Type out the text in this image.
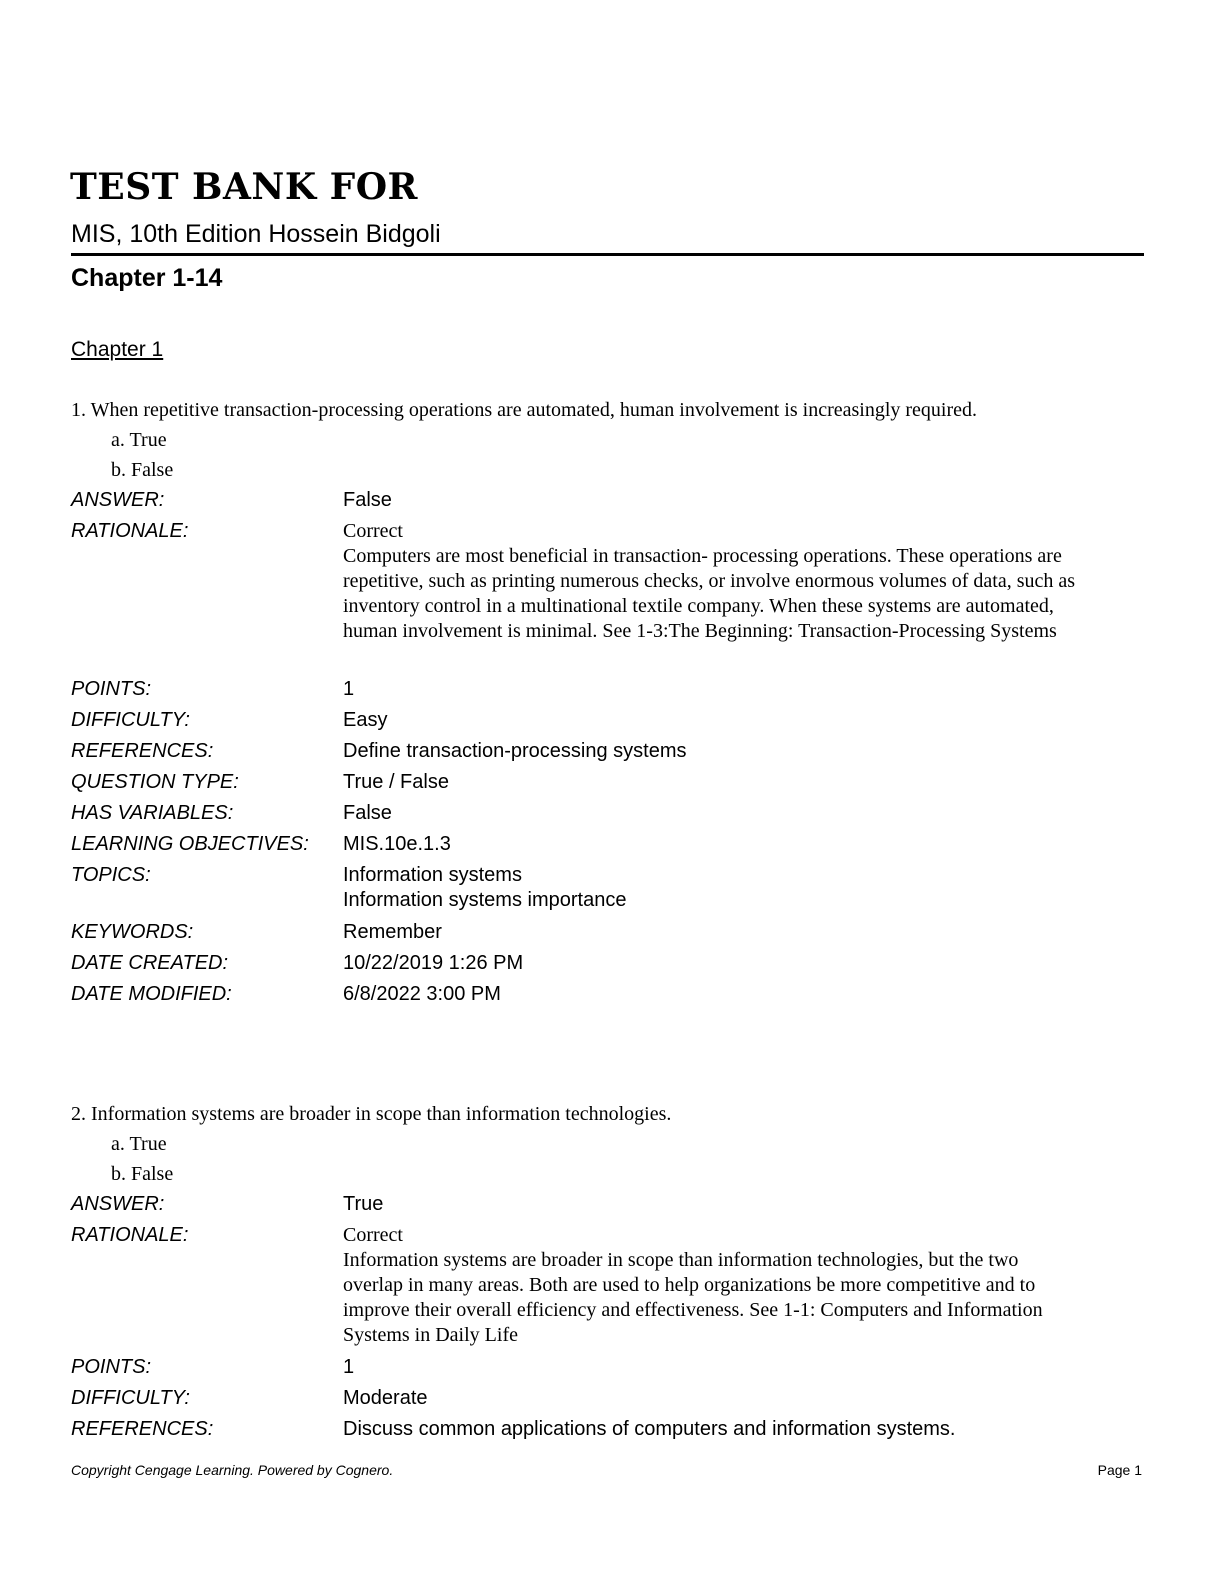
TEST BANK FOR
MIS, 10th Edition Hossein Bidgoli
Chapter 1-14
Chapter 1
1. When repetitive transaction-processing operations are automated, human involvement is increasingly required.
a. True
b. False
ANSWER:	False
RATIONALE:	Correct

Computers are most beneficial in transaction- processing operations. These operations are

repetitive, such as printing numerous checks, or involve enormous volumes of data, such as

inventory control in a multinational textile company. When these systems are automated,

human involvement is minimal. See 1-3:The Beginning: Transaction-Processing Systems

POINTS:	1
DIFFICULTY:	Easy
REFERENCES:	Define transaction-processing systems
QUESTION TYPE:	True / False
HAS VARIABLES:	False
LEARNING OBJECTIVES:	MIS.10e.1.3
TOPICS:	Information systems
Information systems importance
KEYWORDS:	Remember
DATE CREATED:	10/22/2019 1:26 PM
DATE MODIFIED:	6/8/2022 3:00 PM
2. Information systems are broader in scope than information technologies.
a. True
b. False
ANSWER:	True
RATIONALE:	Correct

Information systems are broader in scope than information technologies, but the two

overlap in many areas. Both are used to help organizations be more competitive and to

improve their overall efficiency and effectiveness. See 1-1: Computers and Information

Systems in Daily Life

POINTS:	1
DIFFICULTY:	Moderate
REFERENCES:	Discuss common applications of computers and information systems.
Copyright Cengage Learning. Powered by Cognero.	Page 1
